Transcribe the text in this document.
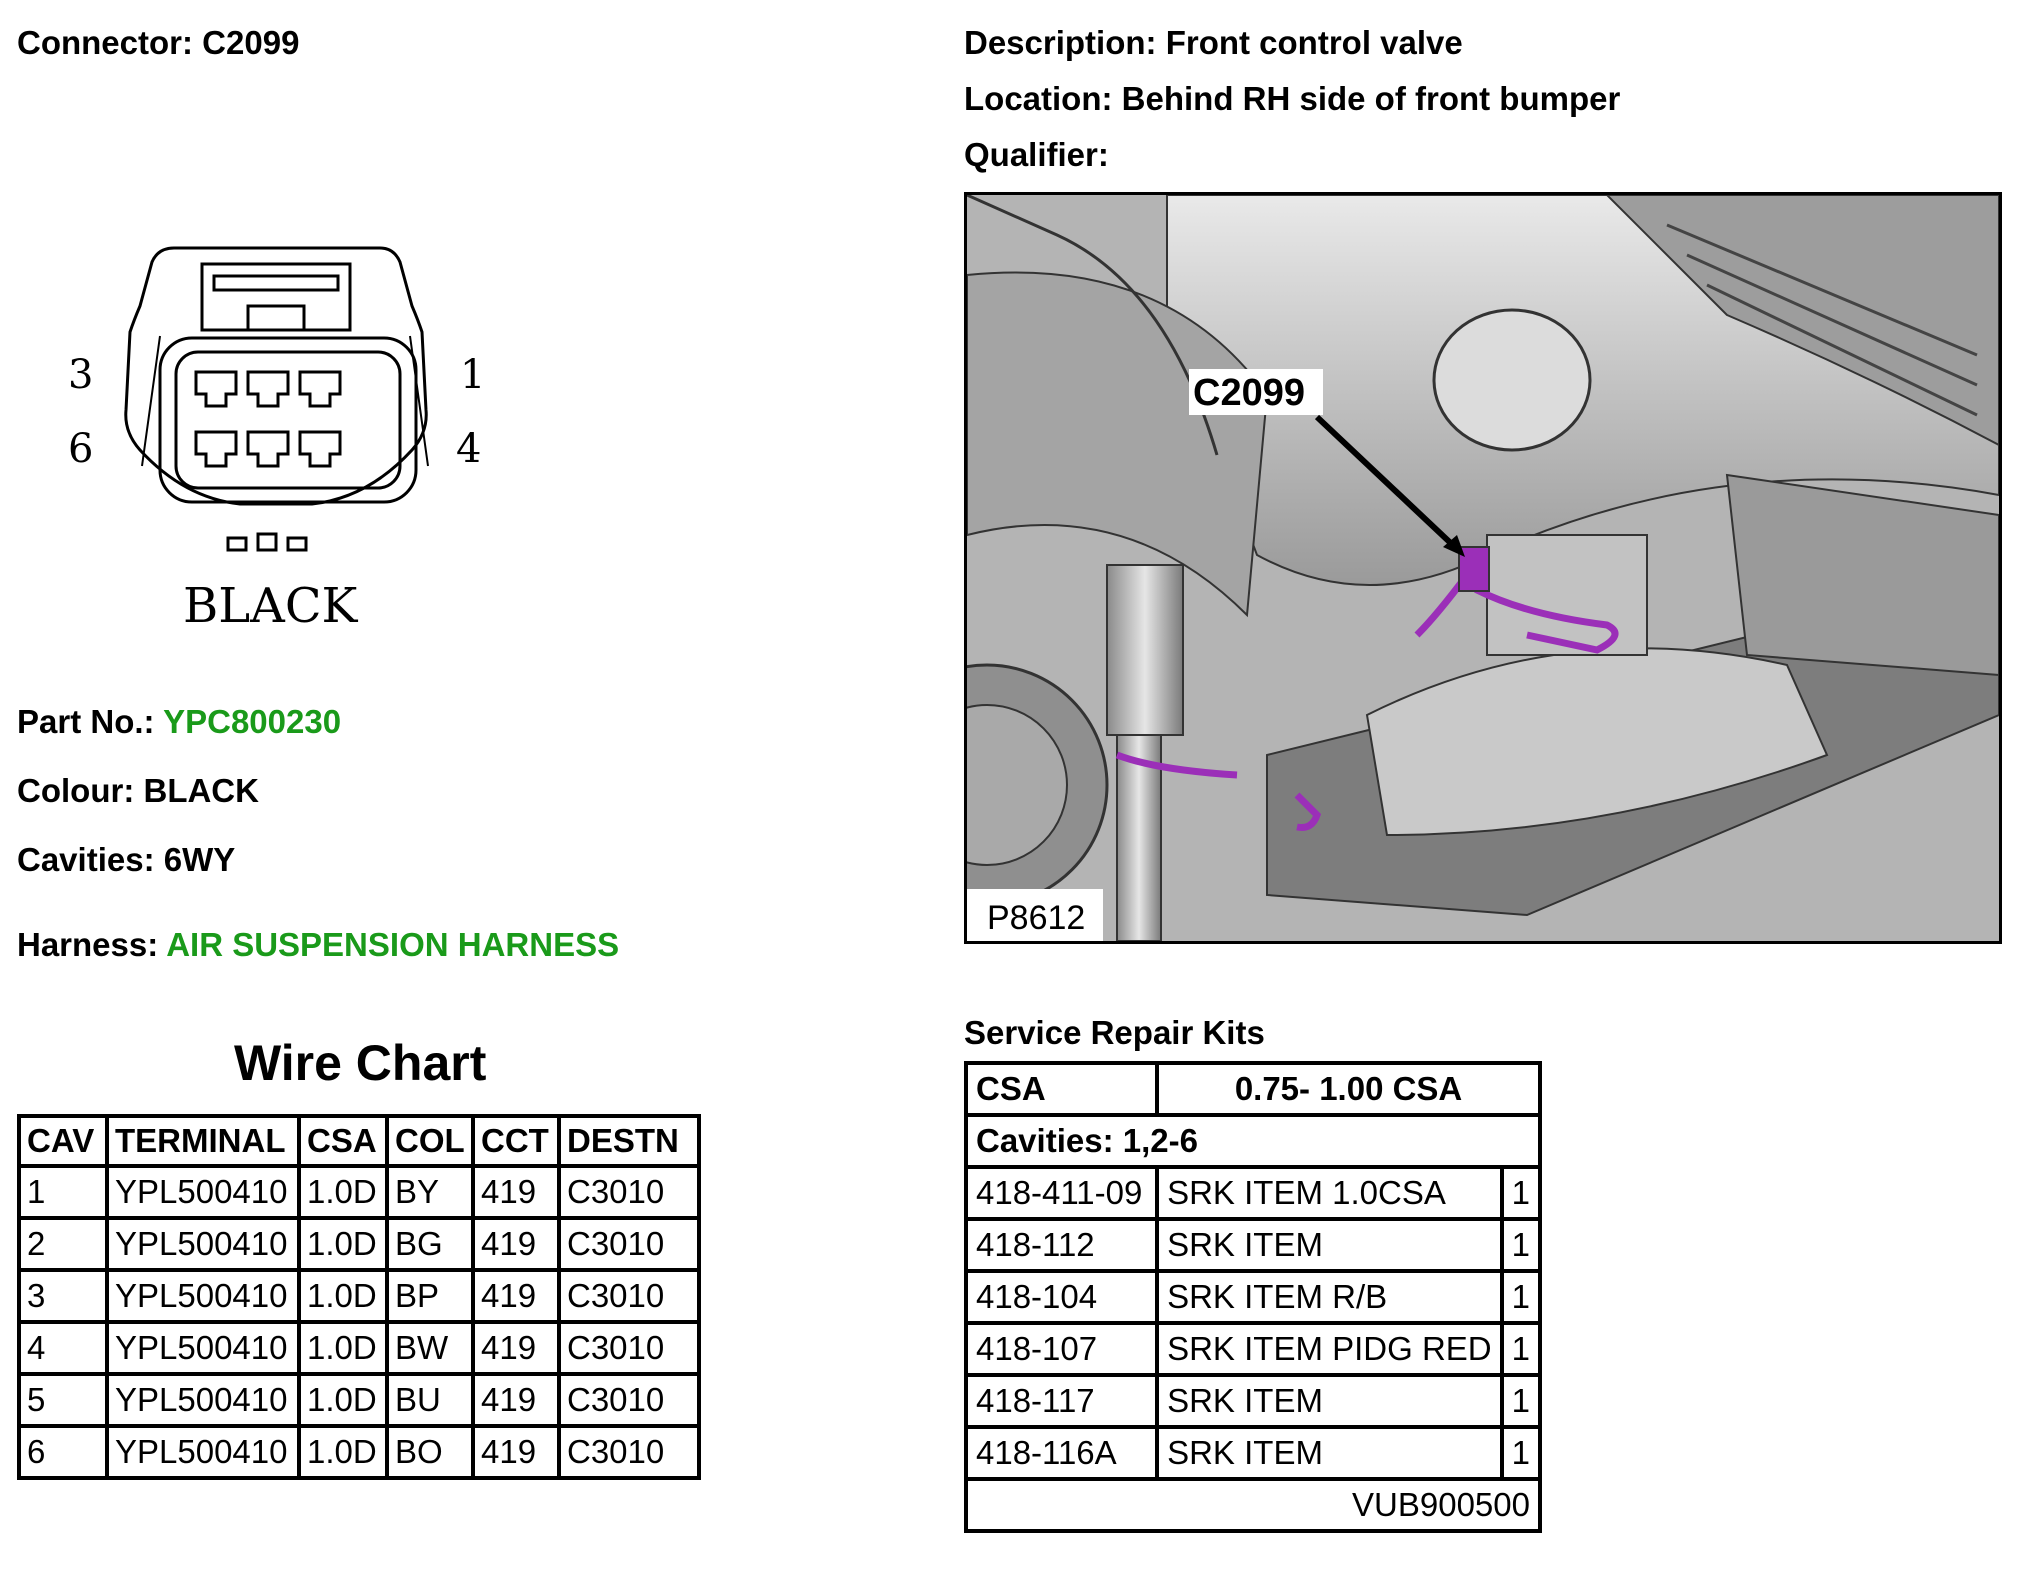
Connector: C2099	Description: Front control valve
Location: Behind RH side of front bumper
Qualifier:
3
6
1
4
BLACK
Part No.: YPC800230
Colour: BLACK
Cavities: 6WY
Harness: AIR SUSPENSION HARNESS
Wire Chart
CAV	TERMINAL	CSA	COL	CCT	DESTN
1	YPL500410	1.0D	BY	419	C3010
2	YPL500410	1.0D	BG	419	C3010
3	YPL500410	1.0D	BP	419	C3010
4	YPL500410	1.0D	BW	419	C3010
5	YPL500410	1.0D	BU	419	C3010
6	YPL500410	1.0D	BO	419	C3010
C2099
P8612
Service Repair Kits
CSA	0.75- 1.00 CSA	
Cavities: 1,2-6		
418-411-09	SRK ITEM 1.0CSA	1
418-112	SRK ITEM	1
418-104	SRK ITEM R/B	1
418-107	SRK ITEM PIDG RED	1
418-117	SRK ITEM	1
418-116A	SRK ITEM	1
VUB900500		
